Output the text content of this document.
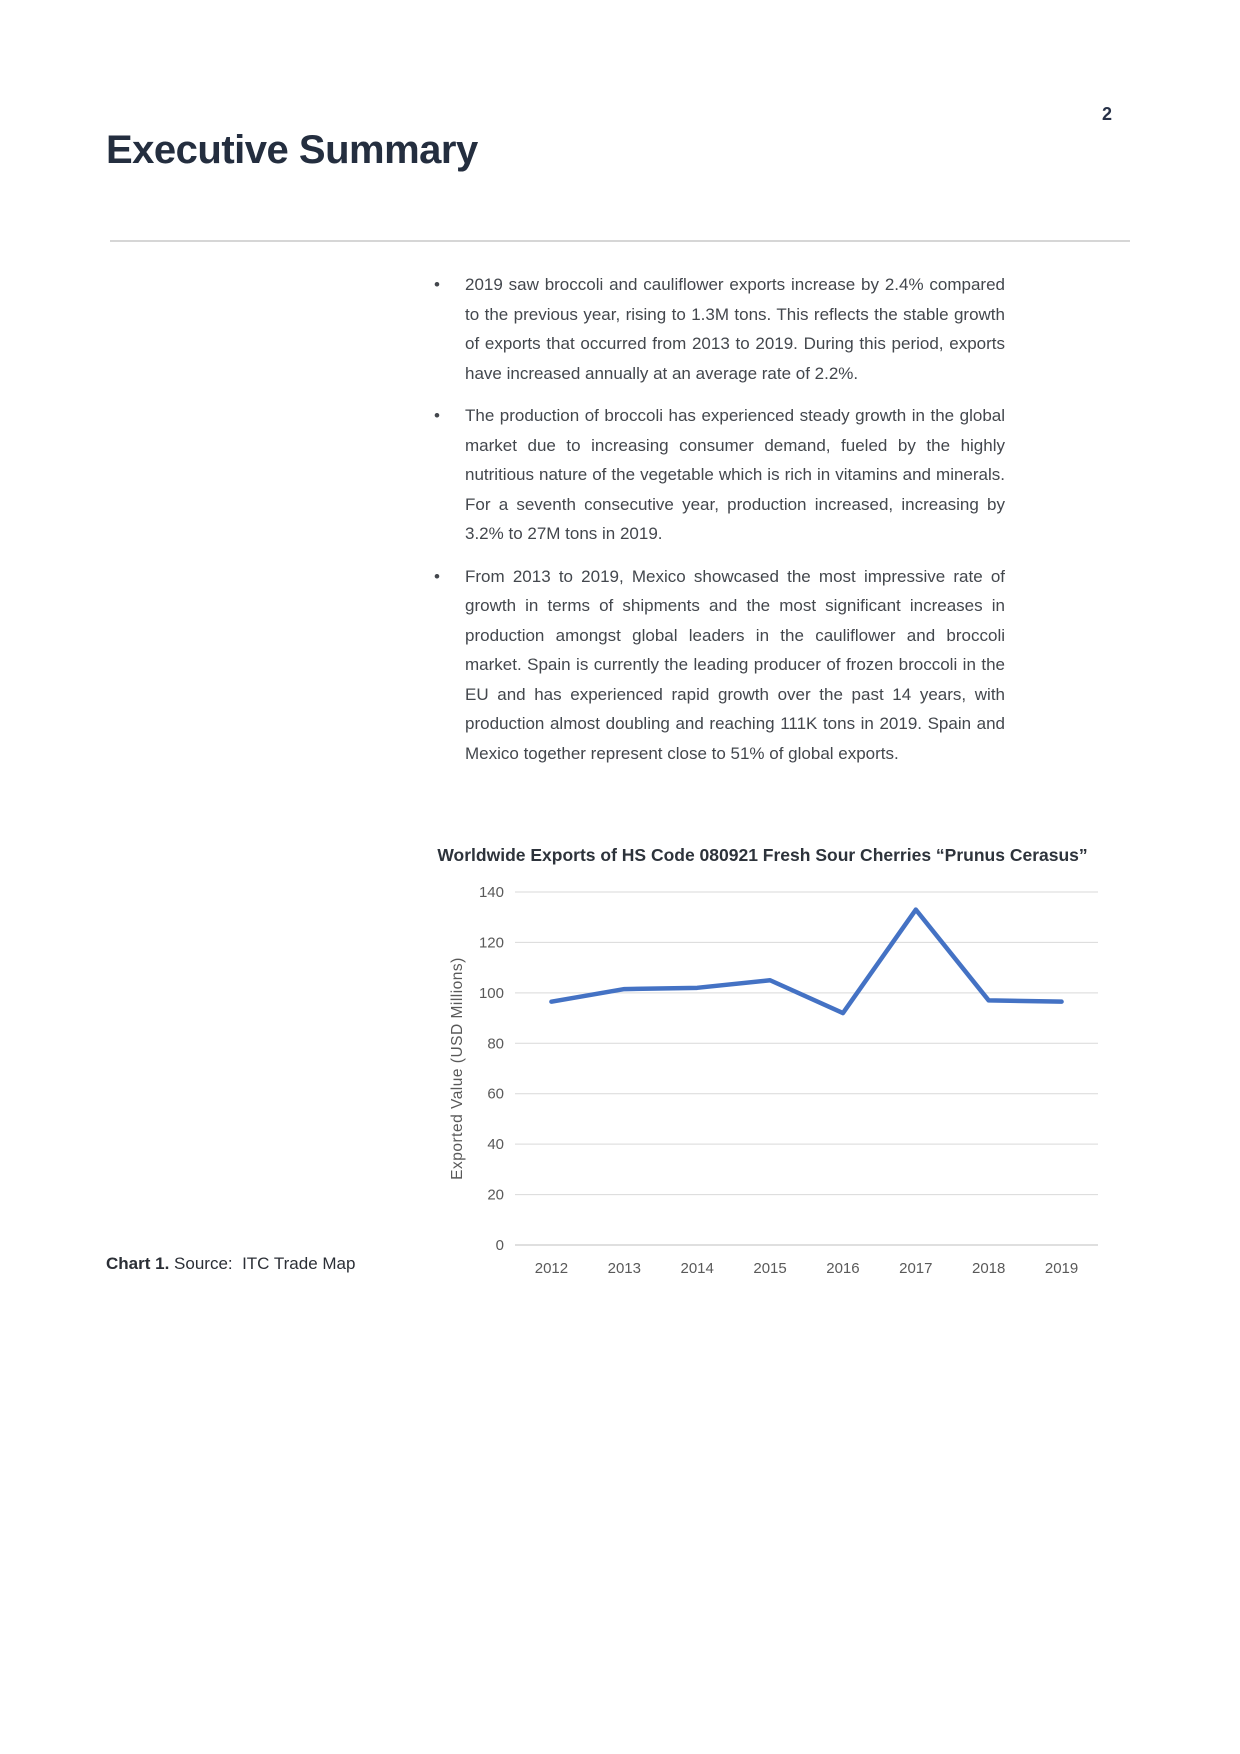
2
Executive Summary
• 2019 saw broccoli and cauliflower exports increase by 2.4% compared to the previous year, rising to 1.3M tons. This reflects the stable growth of exports that occurred from 2013 to 2019. During this period, exports have increased annually at an average rate of 2.2%.
• The production of broccoli has experienced steady growth in the global market due to increasing consumer demand, fueled by the highly nutritious nature of the vegetable which is rich in vitamins and minerals. For a seventh consecutive year, production increased, increasing by 3.2% to 27M tons in 2019.
• From 2013 to 2019, Mexico showcased the most impressive rate of growth in terms of shipments and the most significant increases in production amongst global leaders in the cauliflower and broccoli market. Spain is currently the leading producer of frozen broccoli in the EU and has experienced rapid growth over the past 14 years, with production almost doubling and reaching 111K tons in 2019. Spain and Mexico together represent close to 51% of global exports.
Worldwide Exports of HS Code 080921 Fresh Sour Cherries “Prunus Cerasus”
0
20
40
60
80
100
120
140
2012	2013	2014	2015	2016	2017	2018	2019
Exported Value (USD Millions)
Chart 1. Source:  ITC Trade Map
